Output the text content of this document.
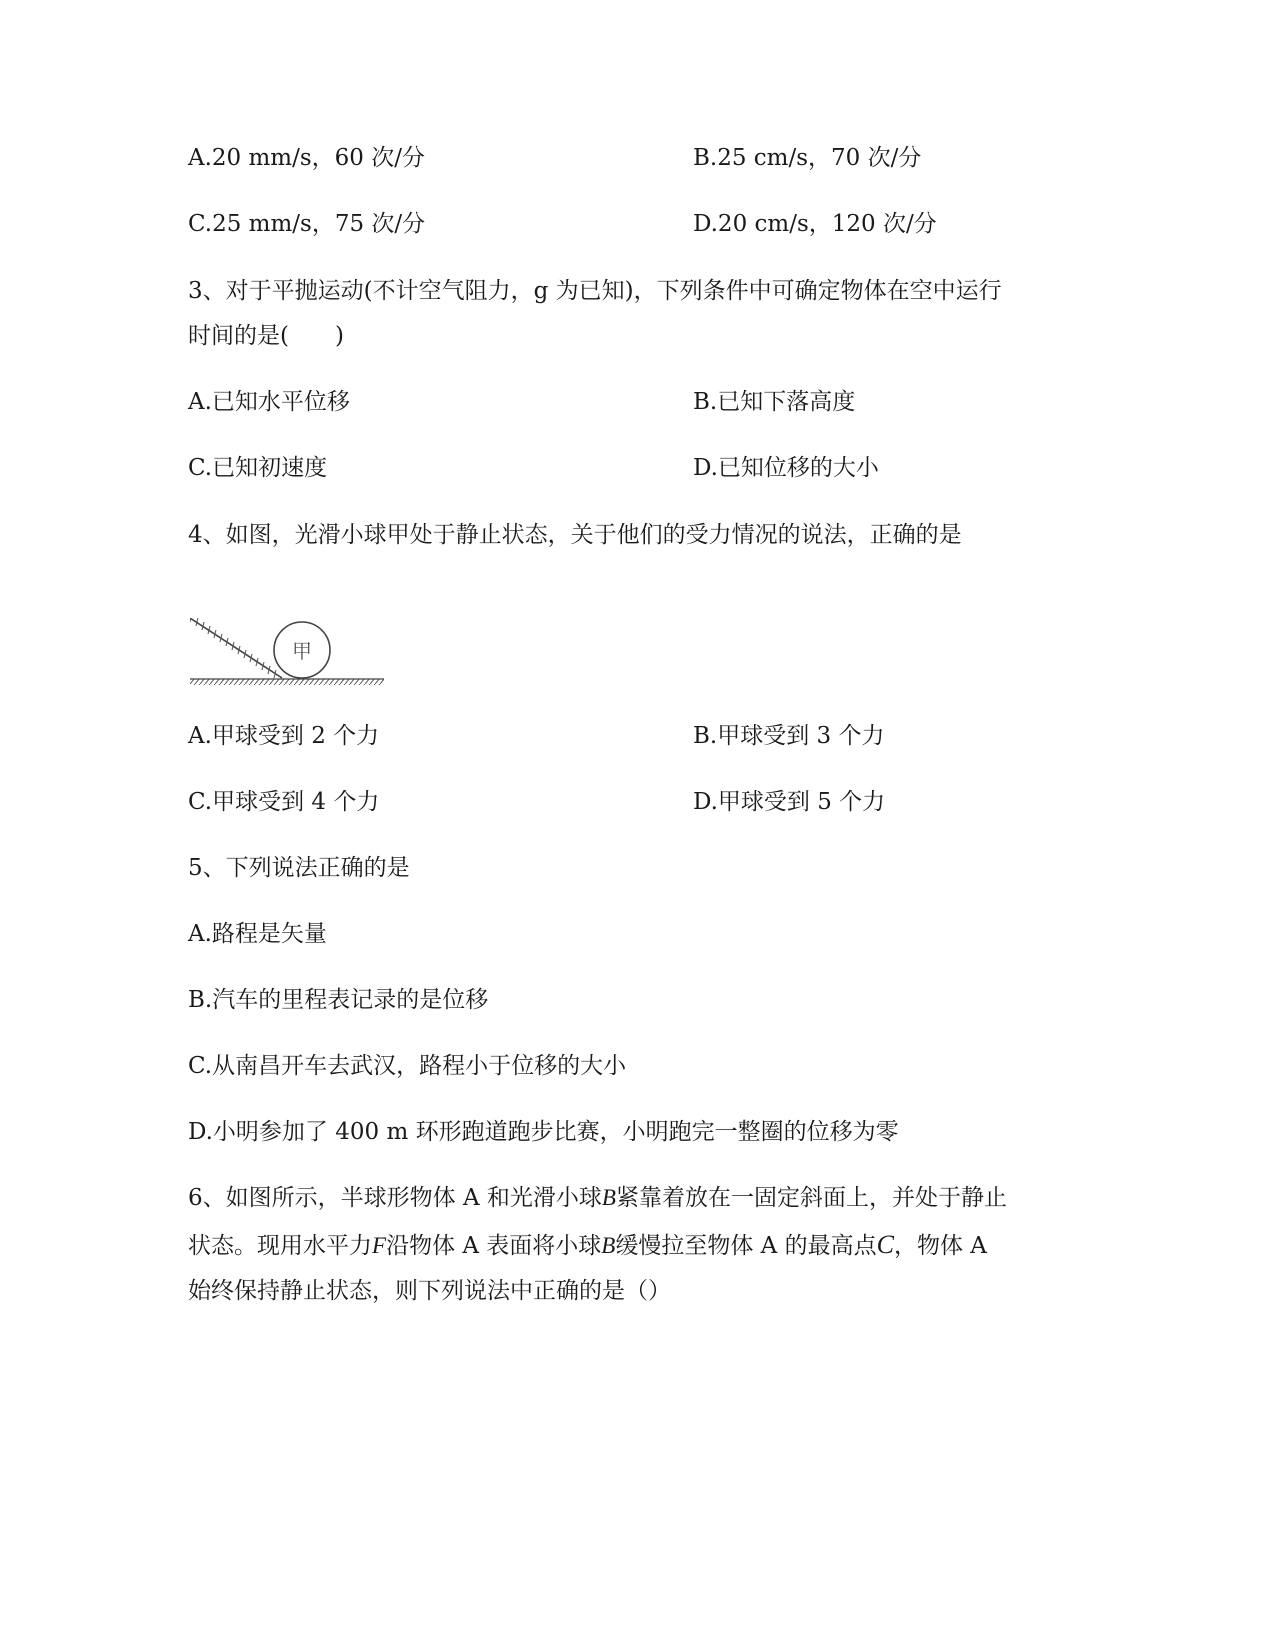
A.20 mm/s，60 次/分	B.25 cm/s，70 次/分
C.25 mm/s，75 次/分	D.20 cm/s，120 次/分
3、对于平抛运动(不计空气阻力，g 为已知)，下列条件中可确定物体在空中运行
时间的是(　　)
A.已知水平位移	B.已知下落高度
C.已知初速度	D.已知位移的大小
4、如图，光滑小球甲处于静止状态，关于他们的受力情况的说法，正确的是
甲
A.甲球受到 2 个力	B.甲球受到 3 个力
C.甲球受到 4 个力	D.甲球受到 5 个力
5、下列说法正确的是
A.路程是矢量
B.汽车的里程表记录的是位移
C.从南昌开车去武汉，路程小于位移的大小
D.小明参加了 400 m 环形跑道跑步比赛，小明跑完一整圈的位移为零
6、如图所示，半球形物体 A 和光滑小球B紧靠着放在一固定斜面上，并处于静止
状态。现用水平力F沿物体 A 表面将小球B缓慢拉至物体 A 的最高点C，物体 A
始终保持静止状态，则下列说法中正确的是（）
